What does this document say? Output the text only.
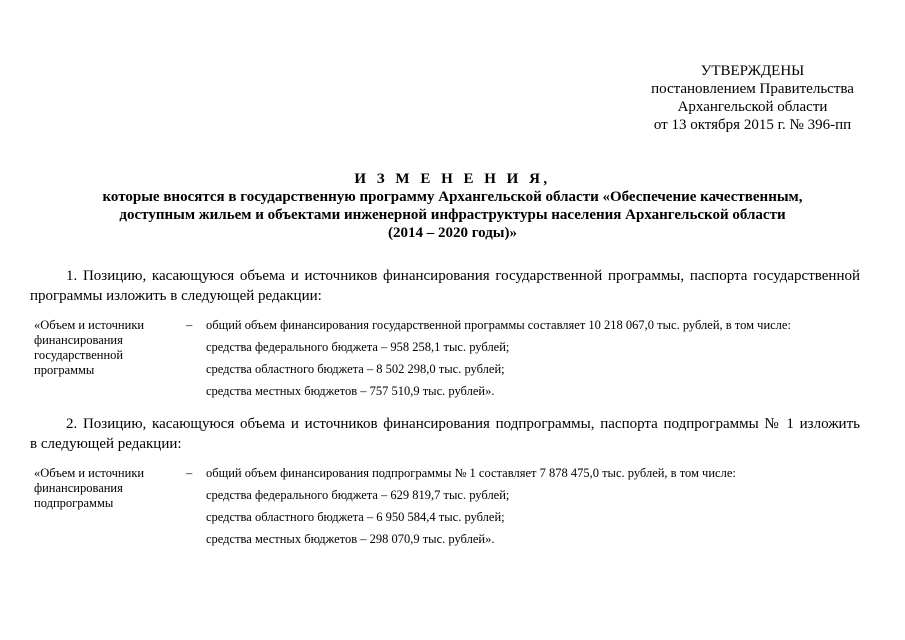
УТВЕРЖДЕНЫ
постановлением Правительства
Архангельской области
от 13 октября 2015 г. № 396-пп
И З М Е Н Е Н И Я,
которые вносятся в государственную программу Архангельской области «Обеспечение качественным,
доступным жильем и объектами инженерной инфраструктуры населения Архангельской области
(2014 – 2020 годы)»
1. Позицию, касающуюся объема и источников финансирования государственной программы, паспорта государственной
программы изложить в следующей редакции:
«Объем и источники
финансирования
государственной
программы
– общий объем финансирования государственной программы составляет 10 218 067,0 тыс. рублей, в том числе:
средства федерального бюджета – 958 258,1 тыс. рублей;
средства областного бюджета – 8 502 298,0 тыс. рублей;
средства местных бюджетов – 757 510,9 тыс. рублей».
2. Позицию, касающуюся объема и источников финансирования подпрограммы, паспорта подпрограммы № 1 изложить
в следующей редакции:
«Объем и источники
финансирования
подпрограммы
– общий объем финансирования подпрограммы № 1 составляет 7 878 475,0 тыс. рублей, в том числе:
средства федерального бюджета – 629 819,7 тыс. рублей;
средства областного бюджета – 6 950 584,4 тыс. рублей;
средства местных бюджетов – 298 070,9 тыс. рублей».
